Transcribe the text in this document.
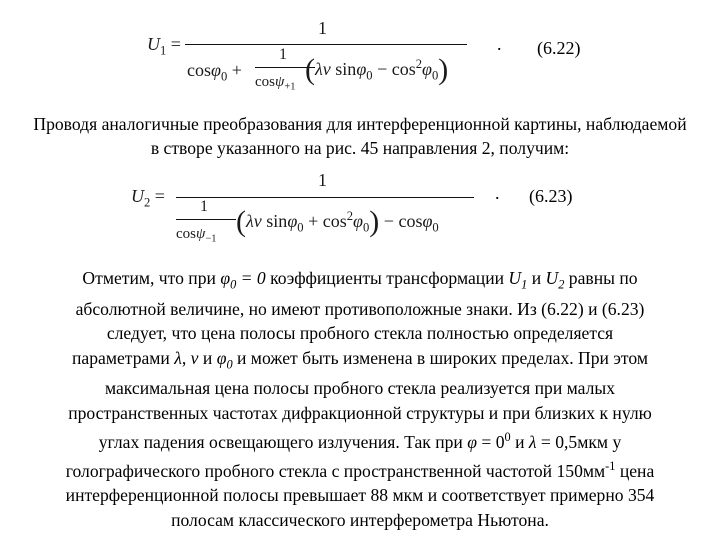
$U_1$ =
1
cosφ$_0$ +
1
cosψ$_{+1}$
(λν $\sin\varphi_0 - \cos^2\varphi_0$)
. (6.22)

Проводя аналогичные преобразования для интерференционной картины, наблюдаемой в створе указанного на рис. 45 направления 2, получим:

$U_2$ =
1
1
cosψ$_{-1}$
(λν $\sin\varphi_0 + \cos^2\varphi_0) - \cos\varphi_0$
. (6.23)
Отметим, что при $\varphi_0 = 0$ коэффициенты трансформации $U_1$ и $U_2$ равны по
абсолютной величине, но имеют противоположные знаки. Из (6.22) и (6.23)
следует, что цена полосы пробного стекла полностью определяется
параметрами λ, ν и $\varphi_0$ и может быть изменена в широких пределах. При этом
максимальная цена полосы пробного стекла реализуется при малых
пространственных частотах дифракционной структуры и при близких к нулю
углах падения освещающего излучения. Так при $\varphi = 0^0$ и λ = 0,5мкм у
голографического пробного стекла с пространственной частотой $150мм^{-1}$ цена
интерференционной полосы превышает 88 мкм и соответствует примерно 354
полосам классического интерферометра Ньютона.
